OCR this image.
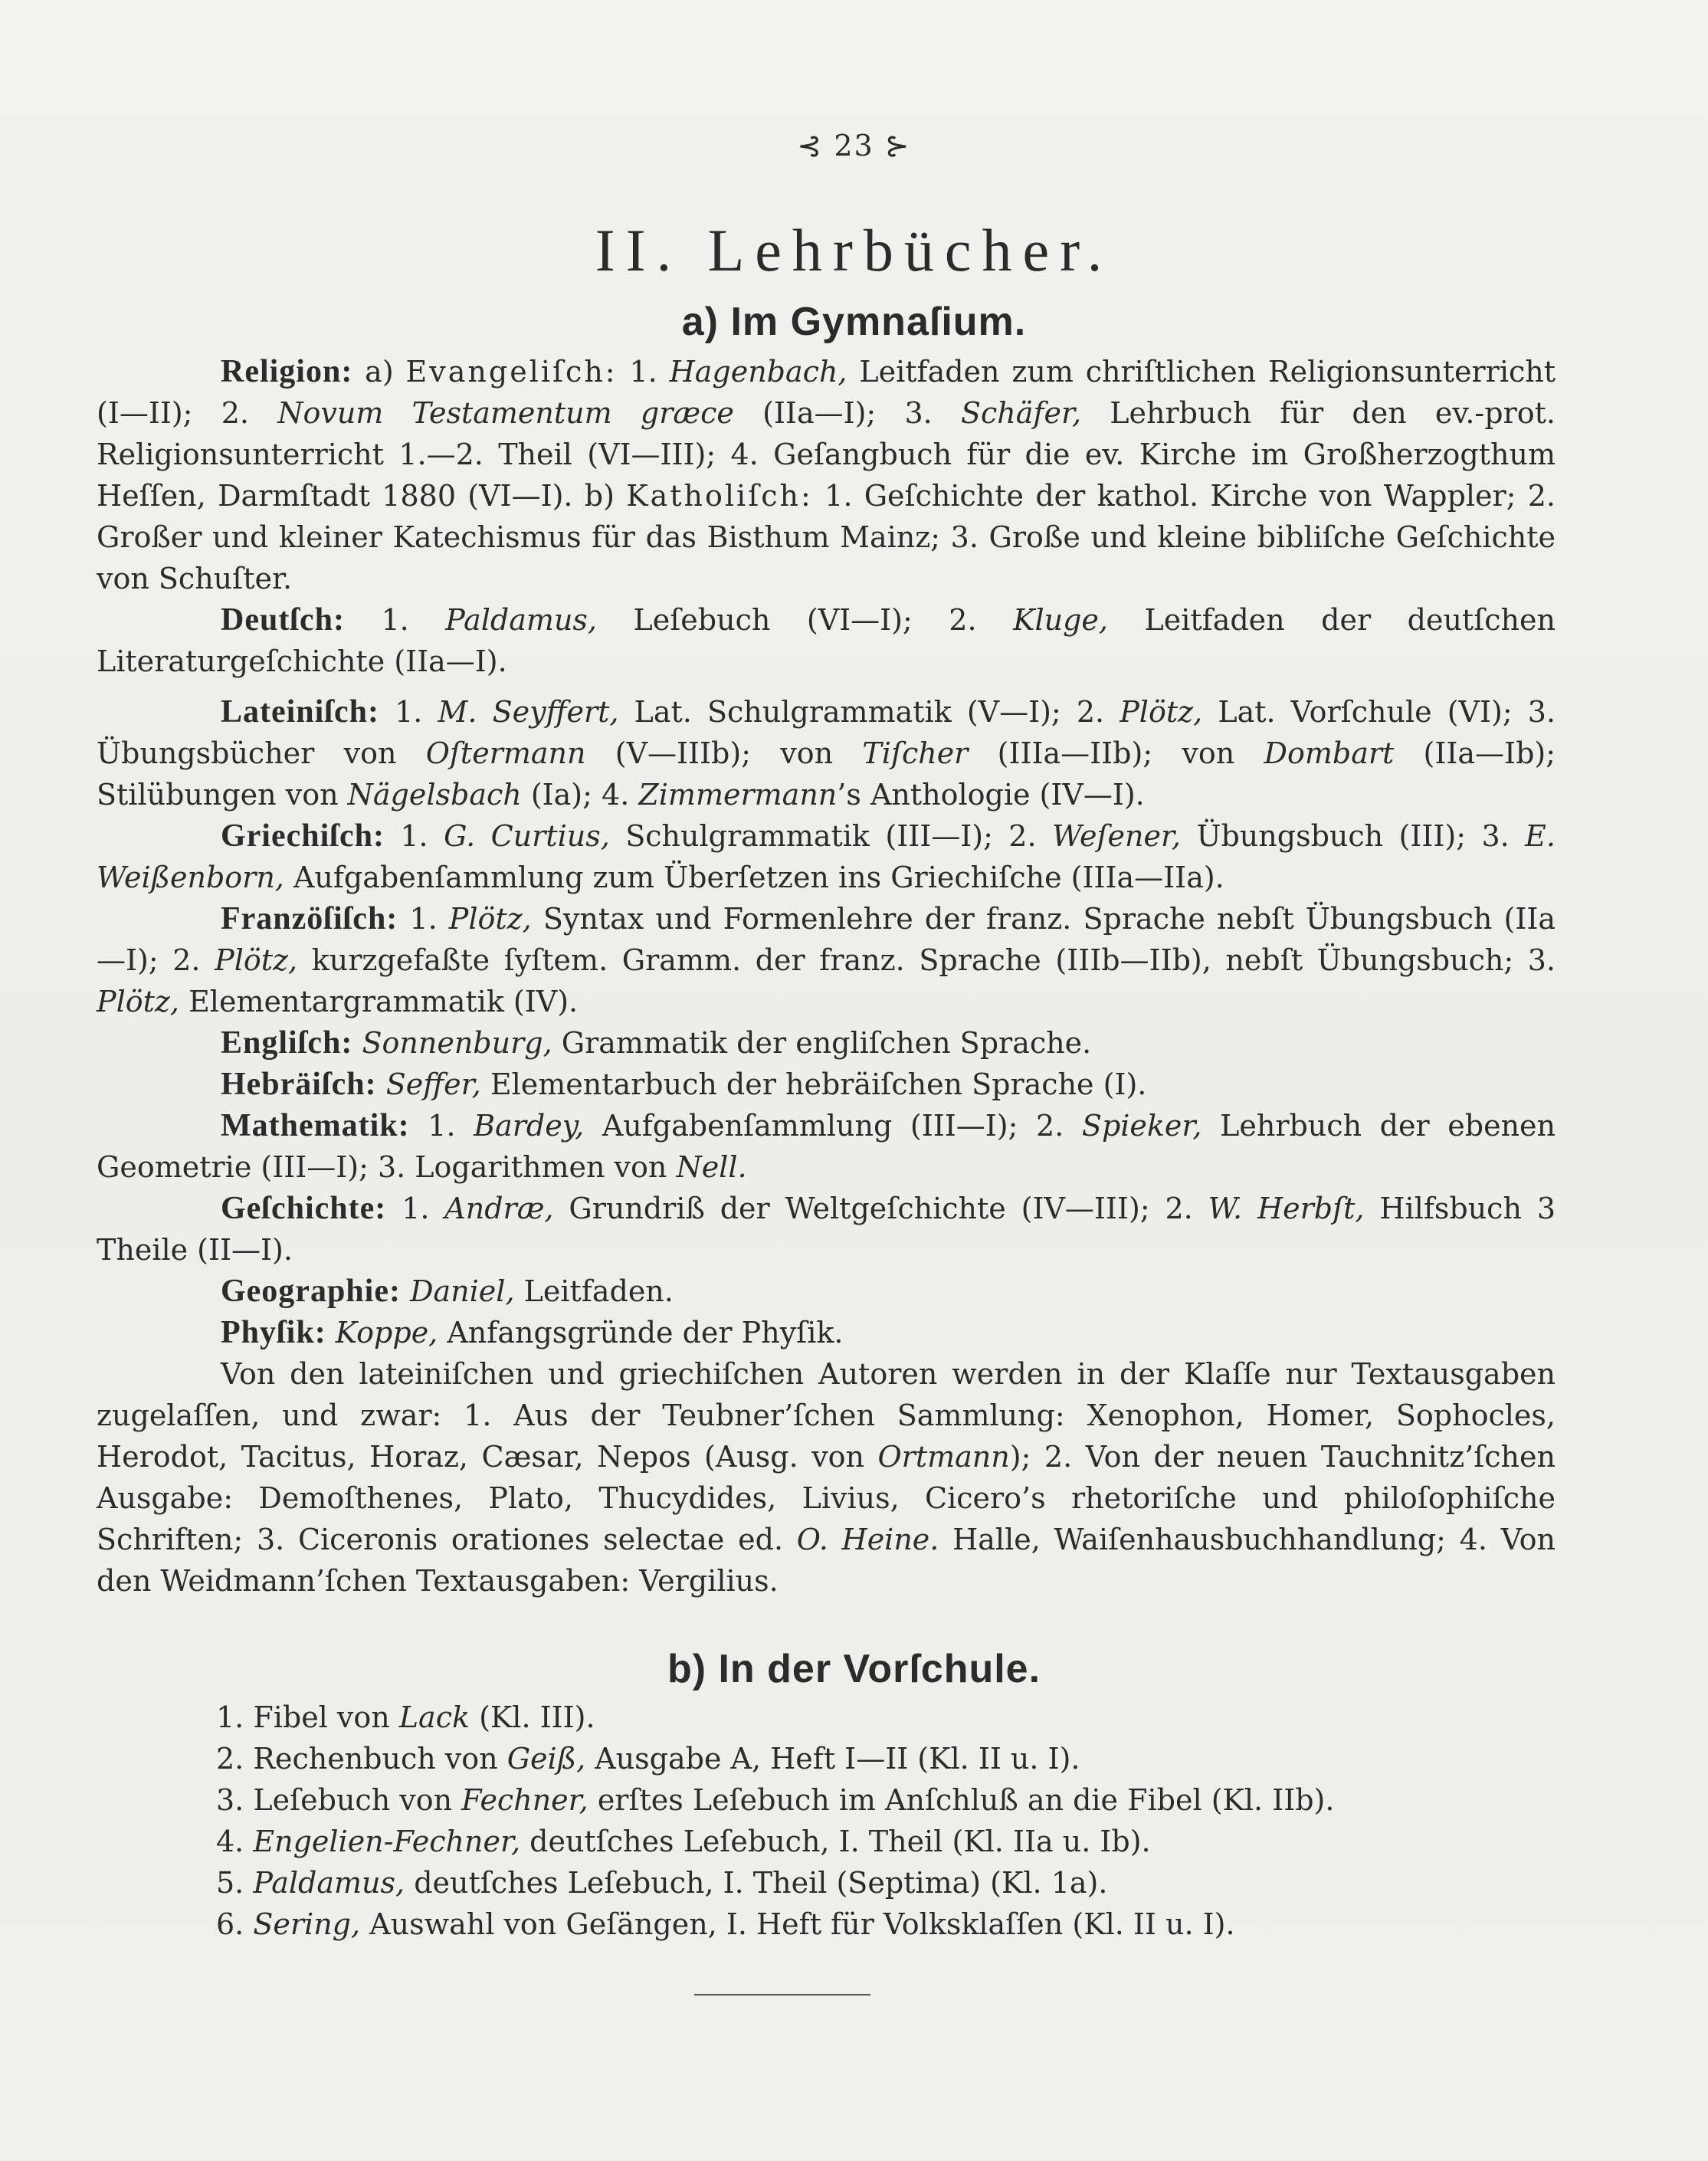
⊰ 23 ⊱
II. Lehrbücher.
a) Im Gymnaſium.

Religion: a) Evangeliſch: 1. Hagenbach, Leitfaden zum chriſtlichen Religionsunterricht (I—II); 2. Novum Testamentum græce (IIa—I); 3. Schäfer, Lehrbuch für den ev.-prot. Religionsunterricht 1.—2. Theil (VI—III); 4. Geſangbuch für die ev. Kirche im Großherzogthum Heſſen, Darmſtadt 1880 (VI—I). b) Katholiſch: 1. Geſchichte der kathol. Kirche von Wappler; 2. Großer und kleiner Katechismus für das Bisthum Mainz; 3. Große und kleine bibliſche Geſchichte von Schuſter.

Deutſch: 1. Paldamus, Leſebuch (VI—I); 2. Kluge, Leitfaden der deutſchen Literaturgeſchichte (IIa—I).

Lateiniſch: 1. M. Seyffert, Lat. Schulgrammatik (V—I); 2. Plötz, Lat. Vorſchule (VI); 3. Übungsbücher von Oſtermann (V—IIIb); von Tiſcher (IIIa—IIb); von Dombart (IIa—Ib); Stilübungen von Nägelsbach (Ia); 4. Zimmermann’s Anthologie (IV—I).

Griechiſch: 1. G. Curtius, Schulgrammatik (III—I); 2. Weſener, Übungsbuch (III); 3. E. Weißenborn, Aufgabenſammlung zum Überſetzen ins Griechiſche (IIIa—IIa).

Franzöſiſch: 1. Plötz, Syntax und Formenlehre der franz. Sprache nebſt Übungsbuch (IIa—I); 2. Plötz, kurzgefaßte ſyſtem. Gramm. der franz. Sprache (IIIb—IIb), nebſt Übungsbuch; 3. Plötz, Elementargrammatik (IV).

Engliſch: Sonnenburg, Grammatik der engliſchen Sprache.

Hebräiſch: Seffer, Elementarbuch der hebräiſchen Sprache (I).

Mathematik: 1. Bardey, Aufgabenſammlung (III—I); 2. Spieker, Lehrbuch der ebenen Geometrie (III—I); 3. Logarithmen von Nell.

Geſchichte: 1. Andræ, Grundriß der Weltgeſchichte (IV—III); 2. W. Herbſt, Hilfsbuch 3 Theile (II—I).

Geographie: Daniel, Leitfaden.

Phyſik: Koppe, Anfangsgründe der Phyſik.

Von den lateiniſchen und griechiſchen Autoren werden in der Klaſſe nur Textausgaben zugelaſſen, und zwar: 1. Aus der Teubner’ſchen Sammlung: Xenophon, Homer, Sophocles, Herodot, Tacitus, Horaz, Cæsar, Nepos (Ausg. von Ortmann); 2. Von der neuen Tauchnitz’ſchen Ausgabe: Demoſthenes, Plato, Thucydides, Livius, Cicero’s rhetoriſche und philoſophiſche Schriften; 3. Ciceronis orationes selectae ed. O. Heine. Halle, Waiſenhausbuchhandlung; 4. Von den Weidmann’ſchen Textausgaben: Vergilius.

b) In der Vorſchule.
1. Fibel von Lack (Kl. III).
2. Rechenbuch von Geiß, Ausgabe A, Heft I—II (Kl. II u. I).
3. Leſebuch von Fechner, erſtes Leſebuch im Anſchluß an die Fibel (Kl. IIb).
4. Engelien-Fechner, deutſches Leſebuch, I. Theil (Kl. IIa u. Ib).
5. Paldamus, deutſches Leſebuch, I. Theil (Septima) (Kl. 1a).
6. Sering, Auswahl von Geſängen, I. Heft für Volksklaſſen (Kl. II u. I).
